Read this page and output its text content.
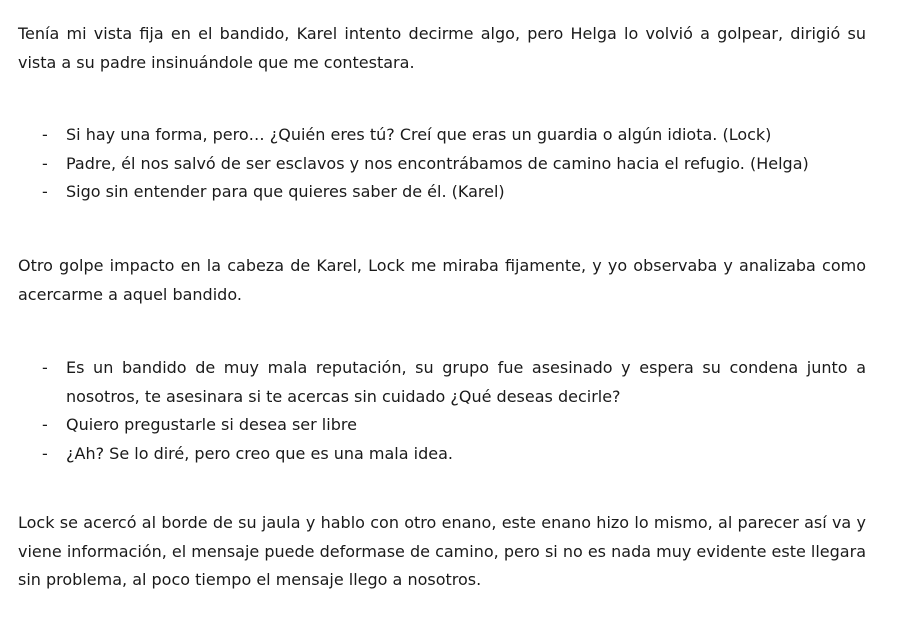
Tenía mi vista fija en el bandido, Karel intento decirme algo, pero Helga lo volvió a golpear, dirigió su vista a su padre insinuándole que me contestara.

- Si hay una forma, pero… ¿Quién eres tú? Creí que eras un guardia o algún idiota. (Lock)
- Padre, él nos salvó de ser esclavos y nos encontrábamos de camino hacia el refugio. (Helga)
- Sigo sin entender para que quieres saber de él. (Karel)

Otro golpe impacto en la cabeza de Karel, Lock me miraba fijamente, y yo observaba y analizaba como acercarme a aquel bandido.

- Es un bandido de muy mala reputación, su grupo fue asesinado y espera su condena junto a nosotros, te asesinara si te acercas sin cuidado ¿Qué deseas decirle?
- Quiero pregustarle si desea ser libre
- ¿Ah? Se lo diré, pero creo que es una mala idea.

Lock se acercó al borde de su jaula y hablo con otro enano, este enano hizo lo mismo, al parecer así va y viene información, el mensaje puede deformase de camino, pero si no es nada muy evidente este llegara sin problema, al poco tiempo el mensaje llego a nosotros.
